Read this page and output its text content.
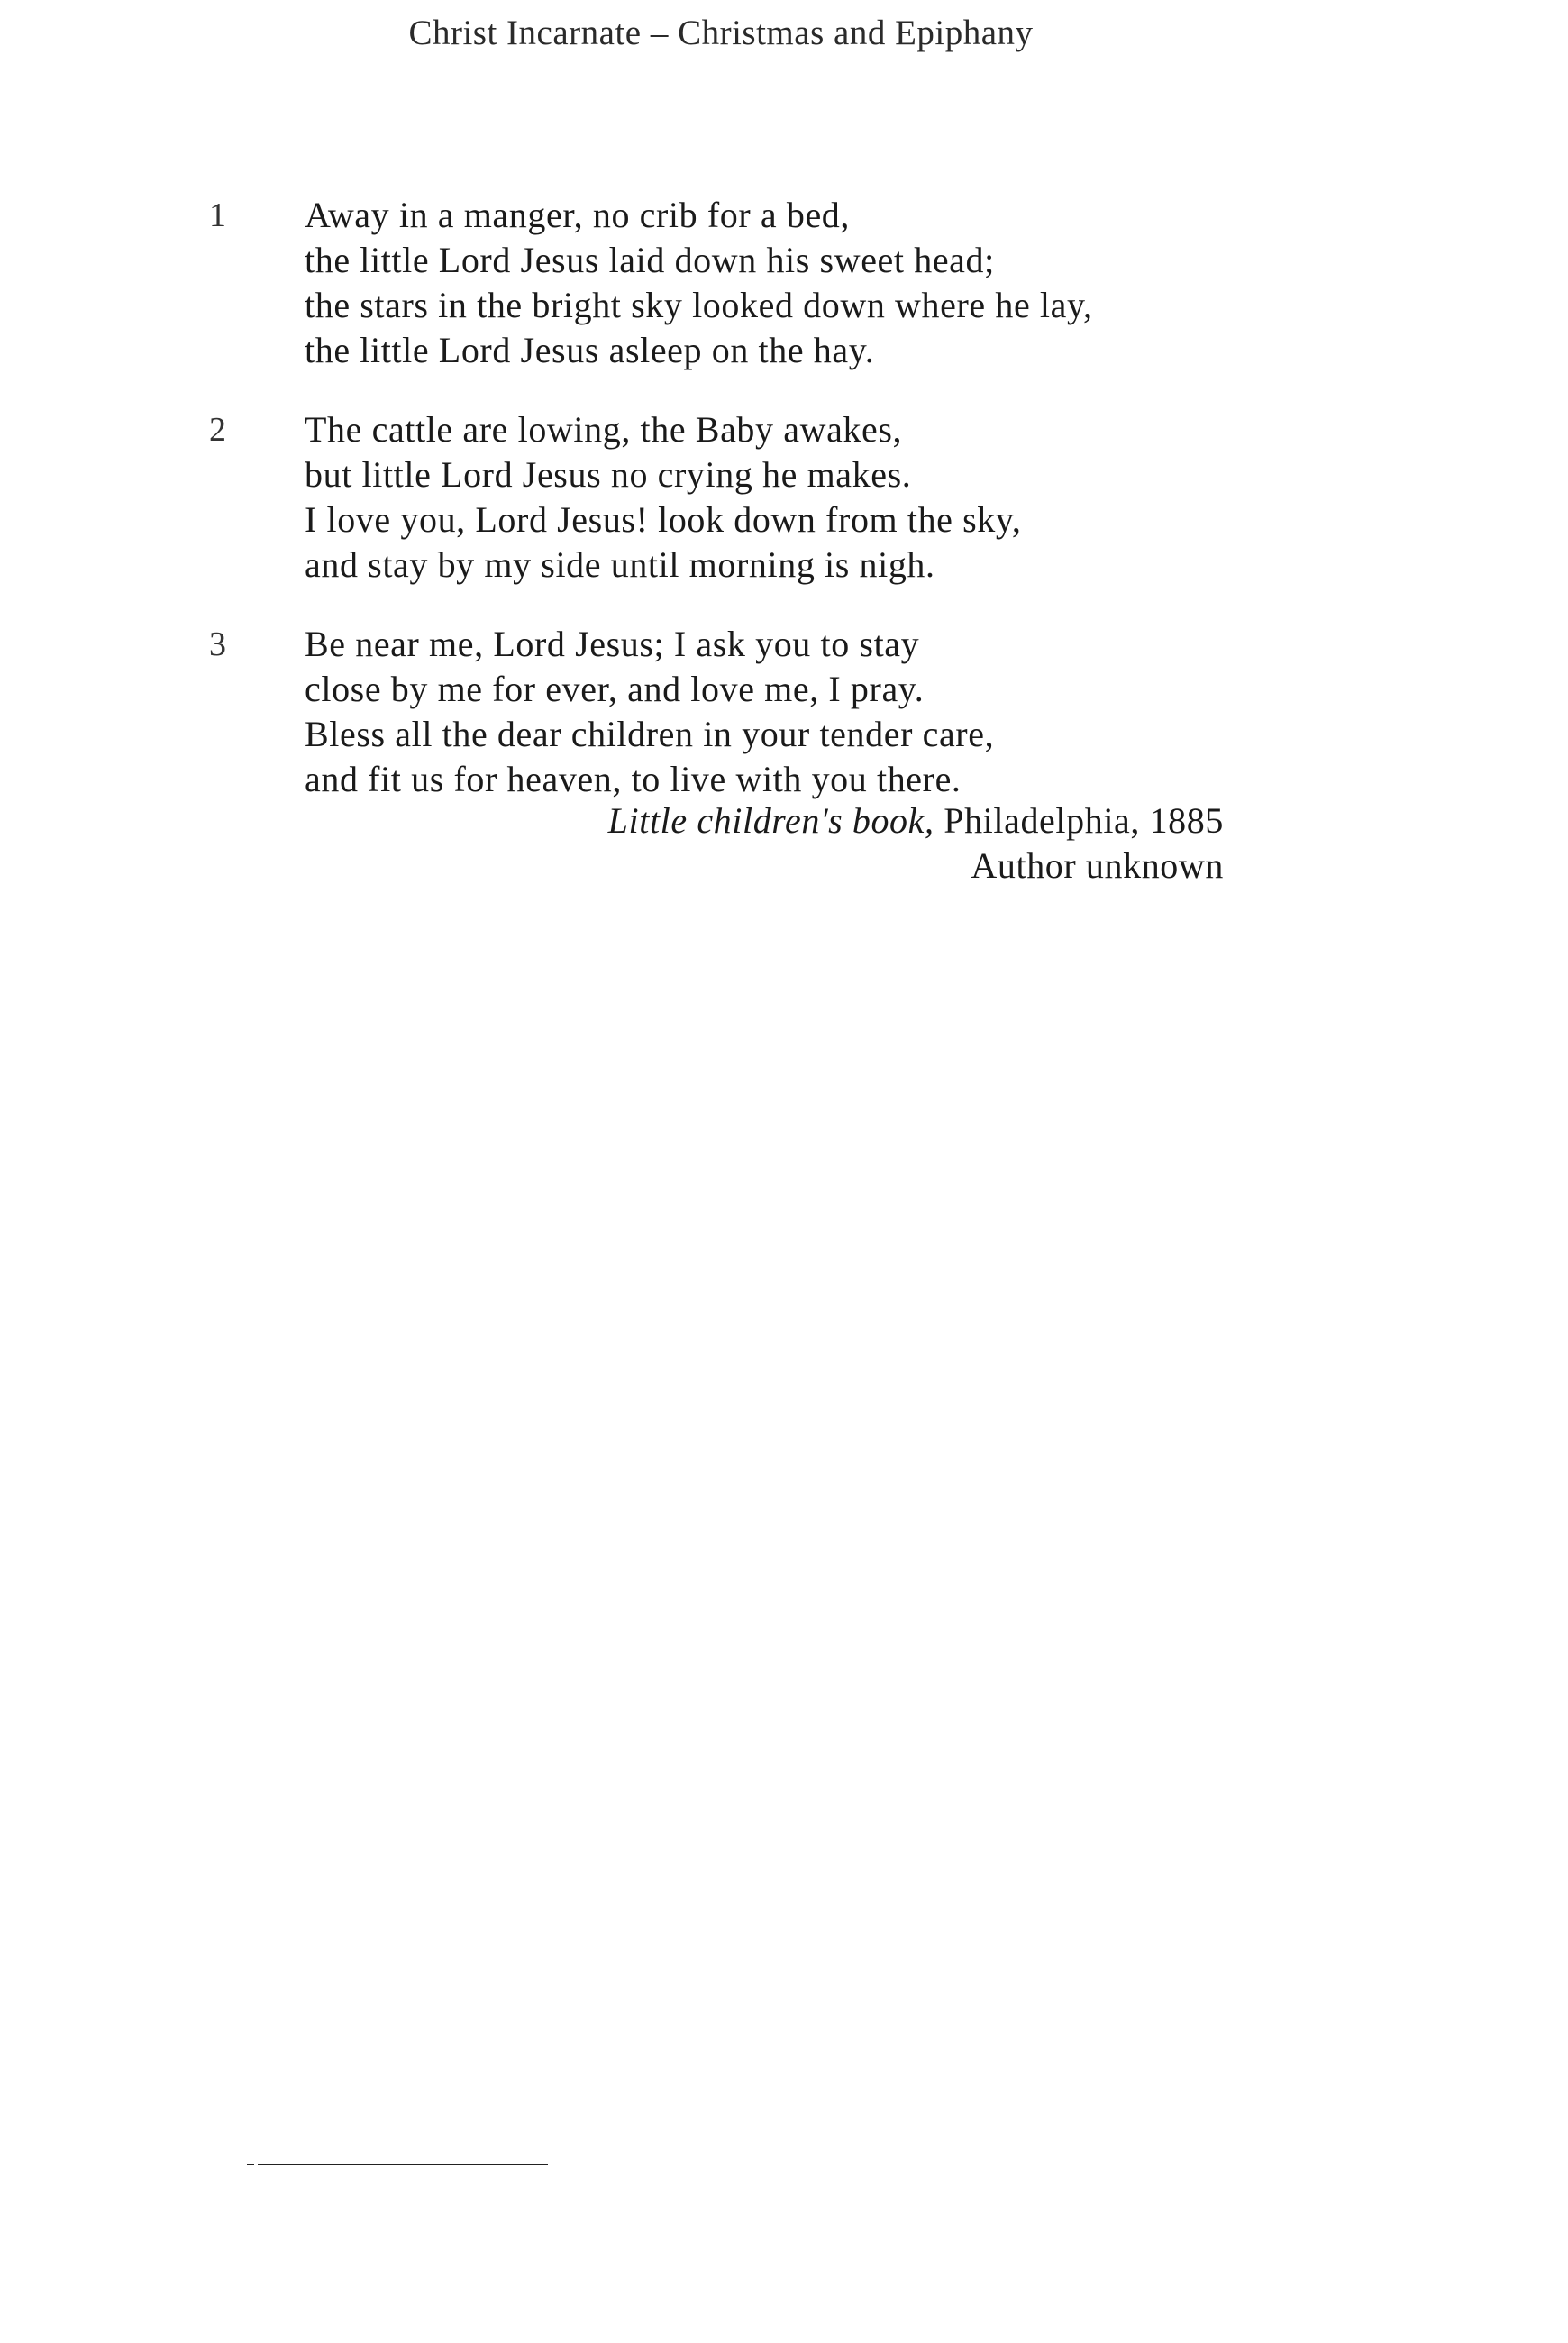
Christ Incarnate – Christmas and Epiphany
1 Away in a manger, no crib for a bed,
the little Lord Jesus laid down his sweet head;
the stars in the bright sky looked down where he lay,
the little Lord Jesus asleep on the hay.
2 The cattle are lowing, the Baby awakes,
but little Lord Jesus no crying he makes.
I love you, Lord Jesus! look down from the sky,
and stay by my side until morning is nigh.
3 Be near me, Lord Jesus; I ask you to stay
close by me for ever, and love me, I pray.
Bless all the dear children in your tender care,
and fit us for heaven, to live with you there.
Little children's book, Philadelphia, 1885
Author unknown
